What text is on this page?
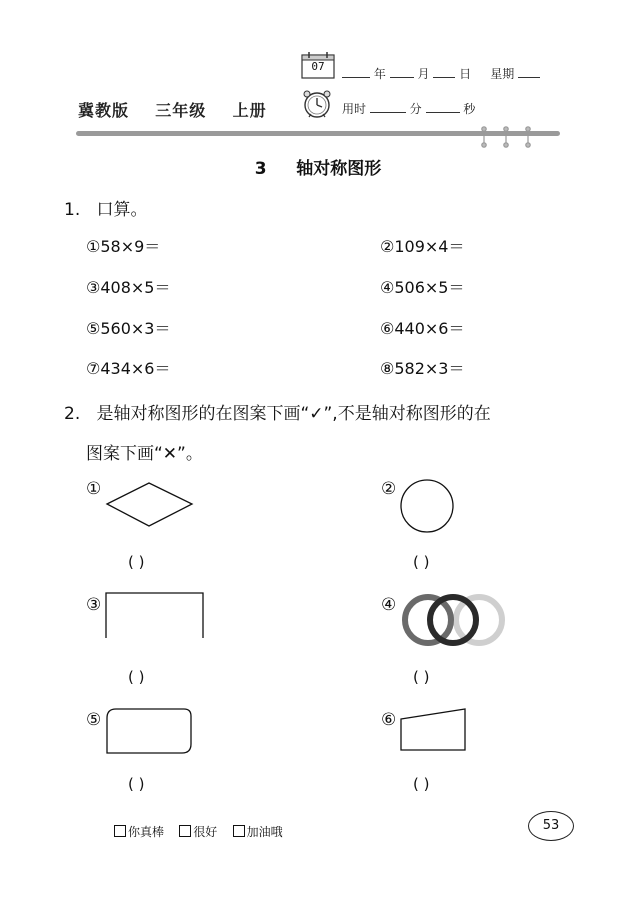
07
年	月 日 星期
冀教版 三年级 上册	用时	分	秒
3 轴对称图形
1. 口算。
①58×9＝	②109×4＝
③408×5＝	④506×5＝
⑤560×3＝	⑥440×6＝
⑦434×6＝	⑧582×3＝
2. 是轴对称图形的在图案下画“✓”,不是轴对称图形的在
图案下画“✕”。
①
( )
②
( )
③
( )
④
( )
⑤
( )
⑥
( )
你真棒 很好 加油哦	53
